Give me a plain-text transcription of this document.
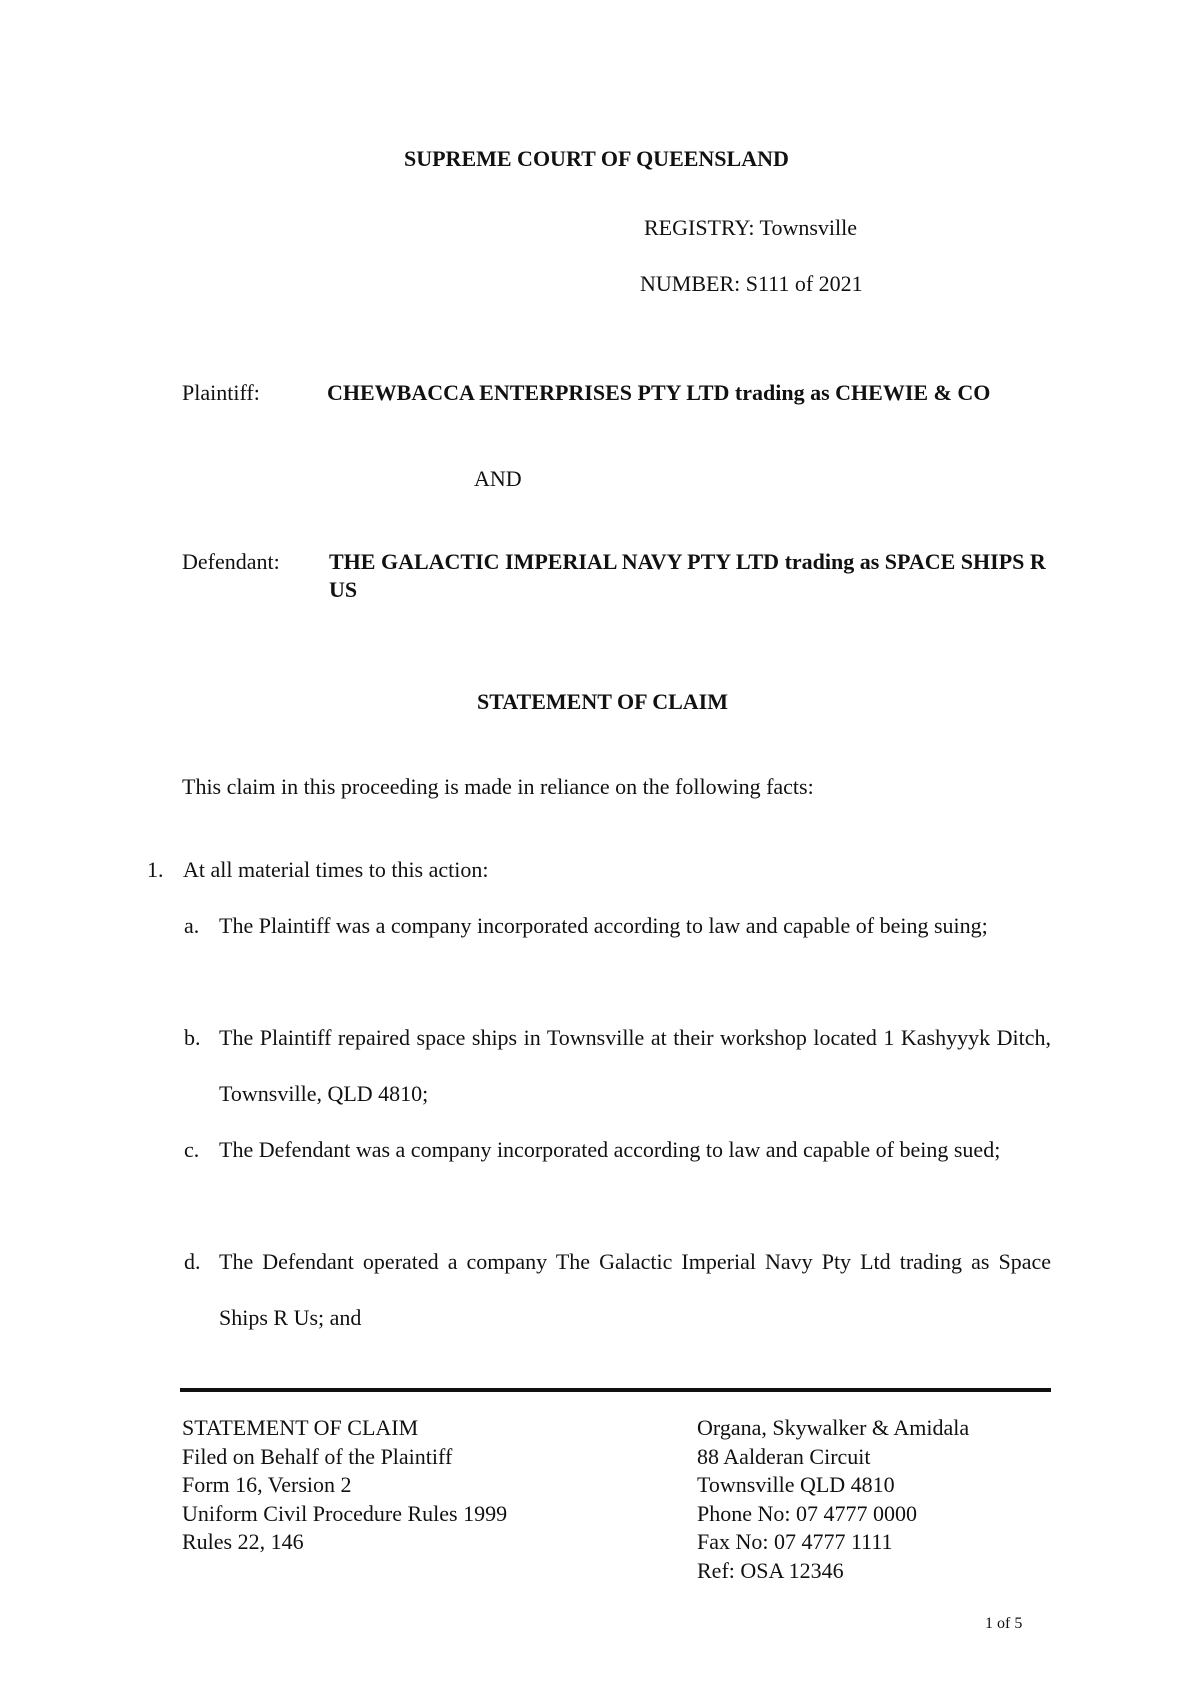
SUPREME COURT OF QUEENSLAND
REGISTRY: Townsville
NUMBER: S111 of 2021
Plaintiff:	CHEWBACCA ENTERPRISES PTY LTD trading as CHEWIE & CO
AND
Defendant: THE GALACTIC IMPERIAL NAVY PTY LTD trading as SPACE SHIPS R US
STATEMENT OF CLAIM
This claim in this proceeding is made in reliance on the following facts:
1. At all material times to this action:
a. The Plaintiff was a company incorporated according to law and capable of being suing;
b. The Plaintiff repaired space ships in Townsville at their workshop located 1 Kashyyyk Ditch, Townsville, QLD 4810;
c. The Defendant was a company incorporated according to law and capable of being sued;
d. The Defendant operated a company The Galactic Imperial Navy Pty Ltd trading as Space Ships R Us; and
STATEMENT OF CLAIM
Filed on Behalf of the Plaintiff
Form 16, Version 2
Uniform Civil Procedure Rules 1999
Rules 22, 146
Organa, Skywalker & Amidala
88 Aalderan Circuit
Townsville QLD 4810
Phone No: 07 4777 0000
Fax No: 07 4777 1111
Ref: OSA 12346
1 of 5
